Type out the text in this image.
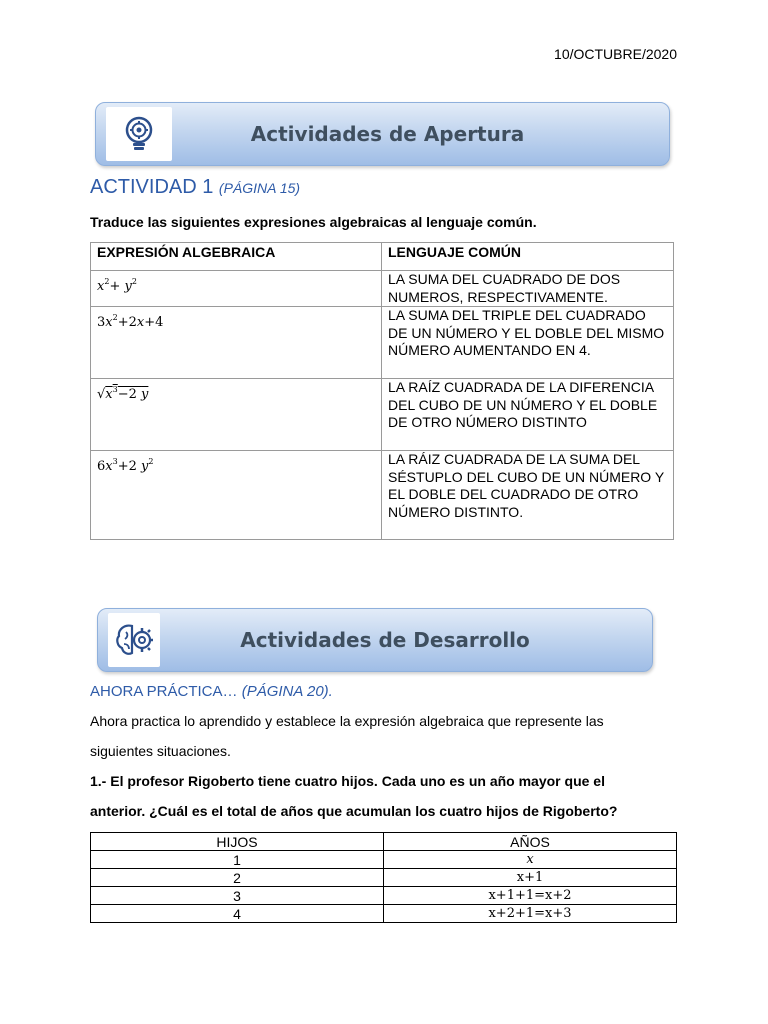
10/OCTUBRE/2020
Actividades de Apertura
ACTIVIDAD 1 (PÁGINA 15)
Traduce las siguientes expresiones algebraicas al lenguaje común.
EXPRESIÓN ALGEBRAICA	LENGUAJE COMÚN
$x^2+ y^2$	LA SUMA DEL CUADRADO DE DOS NUMEROS, RESPECTIVAMENTE.
$3x^2+2x+4$	LA SUMA DEL TRIPLE DEL CUADRADO DE UN NÚMERO Y EL DOBLE DEL MISMO NÚMERO AUMENTANDO EN 4.
$√x^3-2$ y	LA RAÍZ CUADRADA DE LA DIFERENCIA DEL CUBO DE UN NÚMERO Y EL DOBLE DE OTRO NÚMERO DISTINTO
$6x^3+2$ $y^2$	LA RÁIZ CUADRADA DE LA SUMA DEL SÉSTUPLO DEL CUBO DE UN NÚMERO Y EL DOBLE DEL CUADRADO DE OTRO NÚMERO DISTINTO.
Actividades de Desarrollo
AHORA PRÁCTICA… (PÁGINA 20).
Ahora practica lo aprendido y establece la expresión algebraica que represente las
siguientes situaciones.
1.- El profesor Rigoberto tiene cuatro hijos. Cada uno es un año mayor que el
anterior. ¿Cuál es el total de años que acumulan los cuatro hijos de Rigoberto?
HIJOS	AÑOS
1	x
2	x+1
3	x+1+1=x+2
4	x+2+1=x+3
